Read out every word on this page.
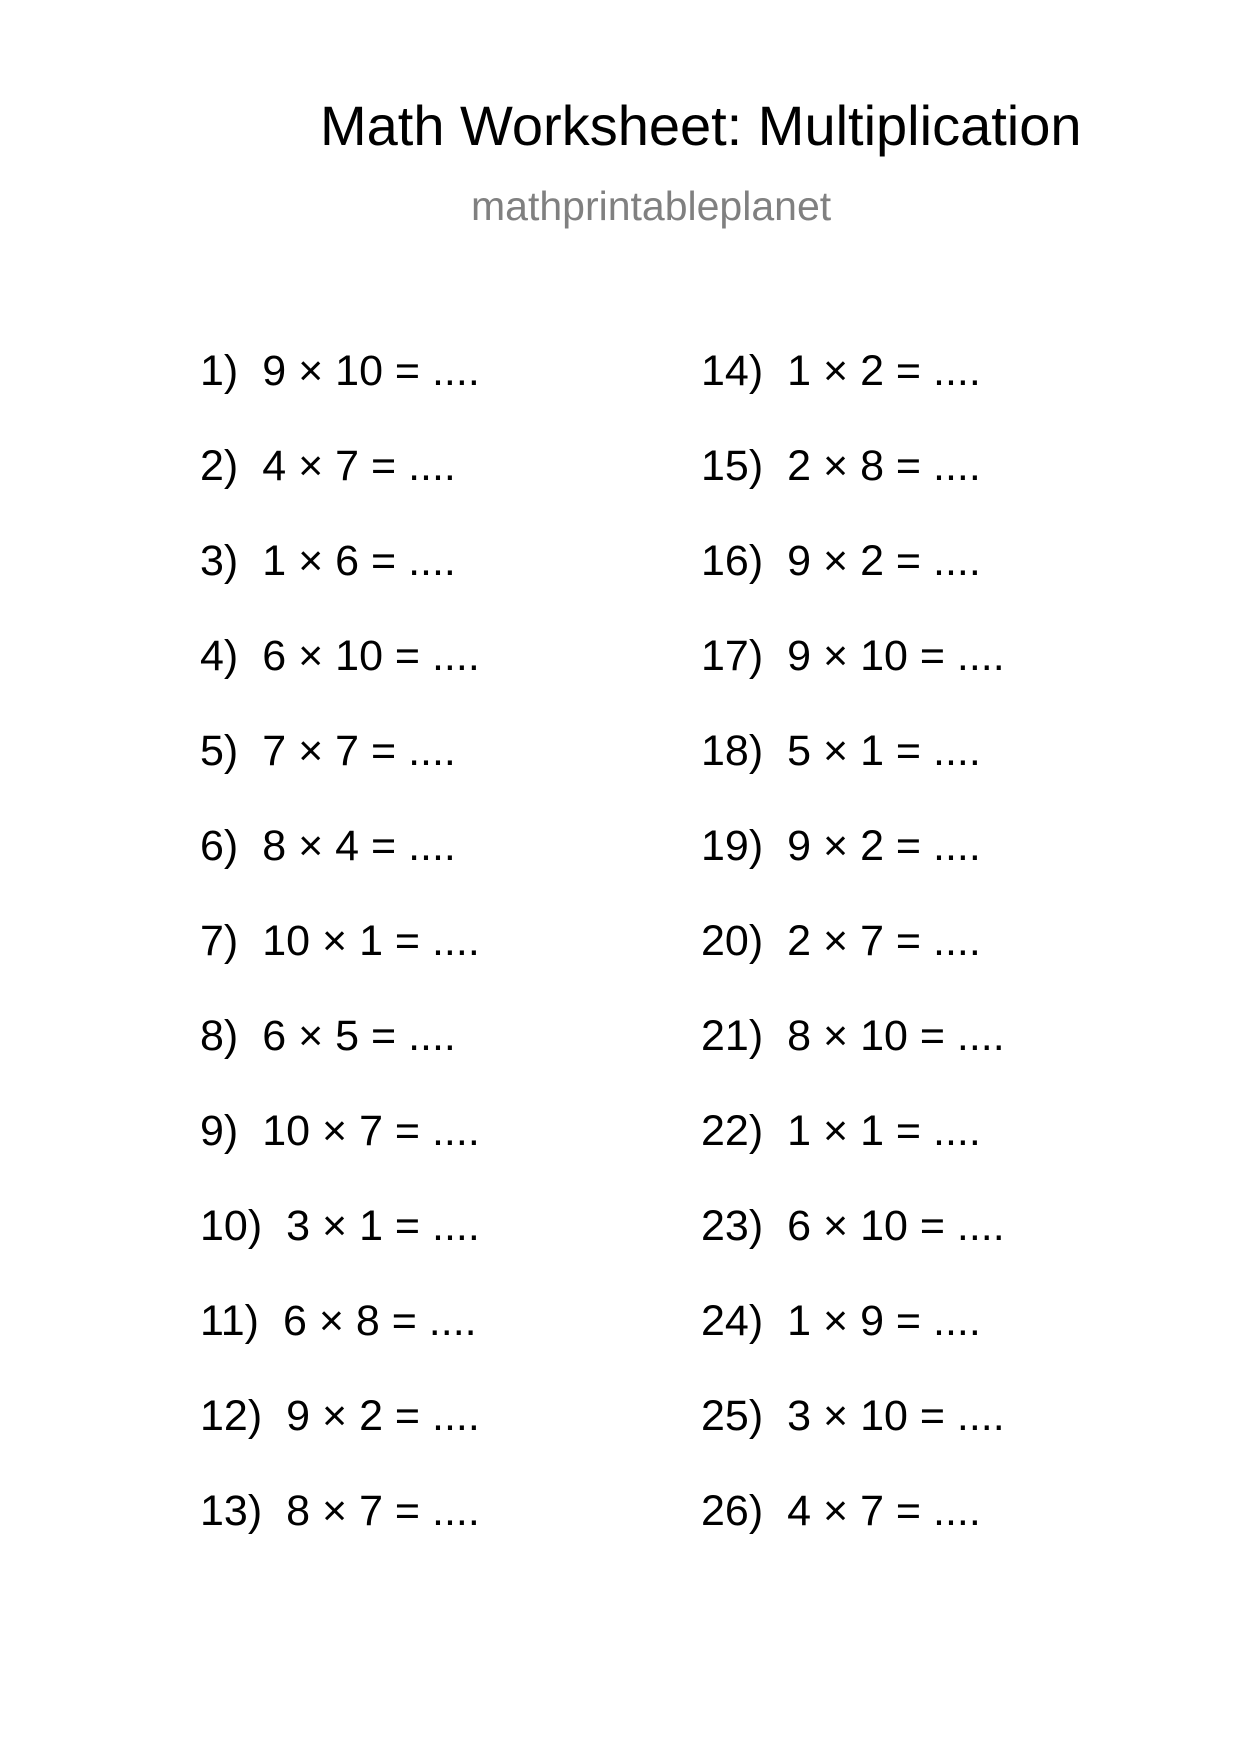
Math Worksheet: Multiplication
mathprintableplanet
1) 9 × 10 = ....
2) 4 × 7 = ....
3) 1 × 6 = ....
4) 6 × 10 = ....
5) 7 × 7 = ....
6) 8 × 4 = ....
7) 10 × 1 = ....
8) 6 × 5 = ....
9) 10 × 7 = ....
10) 3 × 1 = ....
11) 6 × 8 = ....
12) 9 × 2 = ....
13) 8 × 7 = ....
14) 1 × 2 = ....
15) 2 × 8 = ....
16) 9 × 2 = ....
17) 9 × 10 = ....
18) 5 × 1 = ....
19) 9 × 2 = ....
20) 2 × 7 = ....
21) 8 × 10 = ....
22) 1 × 1 = ....
23) 6 × 10 = ....
24) 1 × 9 = ....
25) 3 × 10 = ....
26) 4 × 7 = ....
